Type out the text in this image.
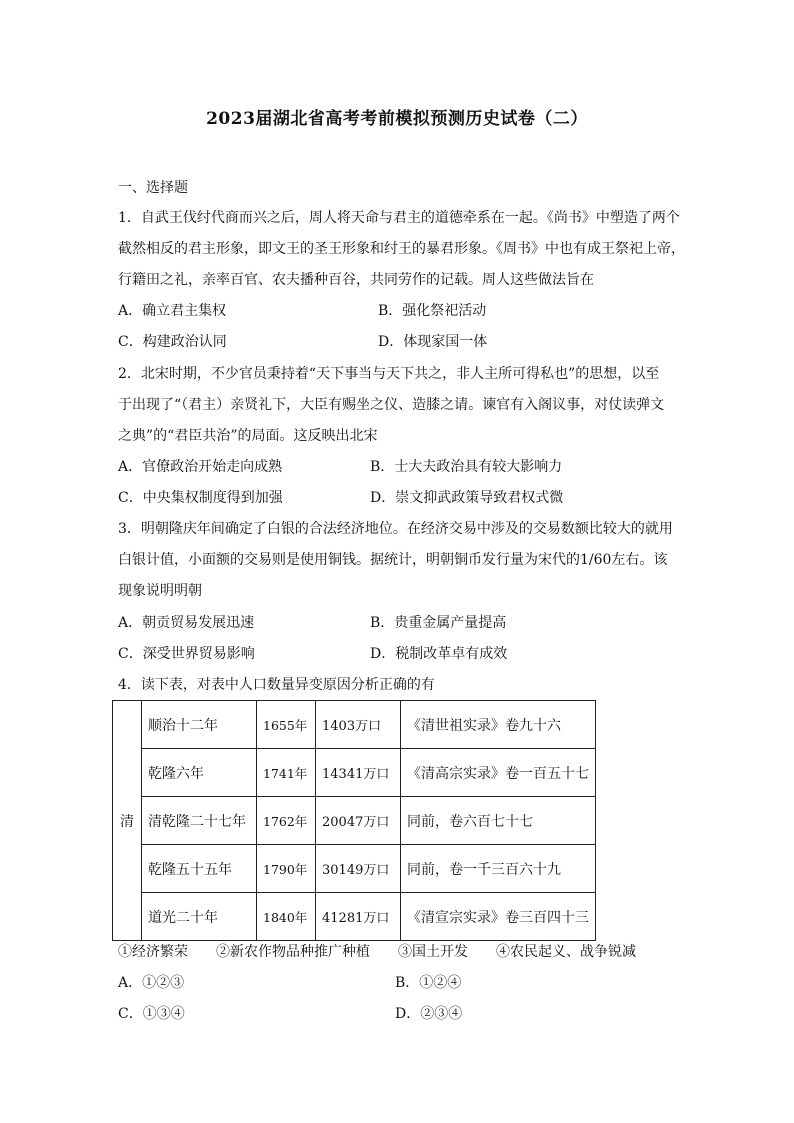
2023届湖北省高考考前模拟预测历史试卷（二）
一、选择题
1．自武王伐纣代商而兴之后，周人将天命与君主的道德牵系在一起。《尚书》中塑造了两个
截然相反的君主形象，即文王的圣王形象和纣王的暴君形象。《周书》中也有成王祭祀上帝，
行籍田之礼，亲率百官、农夫播种百谷，共同劳作的记载。周人这些做法旨在
A．确立君主集权	B．强化祭祀活动
C．构建政治认同	D．体现家国一体
2．北宋时期，不少官员秉持着“天下事当与天下共之，非人主所可得私也”的思想，以至
于出现了“（君主）亲贤礼下，大臣有赐坐之仪、造膝之请。谏官有入阁议事，对仗读弹文
之典”的“君臣共治”的局面。这反映出北宋
A．官僚政治开始走向成熟	B．士大夫政治具有较大影响力
C．中央集权制度得到加强	D．崇文抑武政策导致君权式微
3．明朝隆庆年间确定了白银的合法经济地位。在经济交易中涉及的交易数额比较大的就用
白银计值，小面额的交易则是使用铜钱。据统计，明朝铜币发行量为宋代的1/60左右。该
现象说明明朝
A．朝贡贸易发展迅速	B．贵重金属产量提高
C．深受世界贸易影响	D．税制改革卓有成效
4．读下表，对表中人口数量异变原因分析正确的有
清	顺治十二年	1655年	1403万口	《清世祖实录》卷九十六
	乾隆六年	1741年	14341万口	《清高宗实录》卷一百五十七
	清乾隆二十七年	1762年	20047万口	同前，卷六百七十七
	乾隆五十五年	1790年	30149万口	同前，卷一千三百六十九
	道光二十年	1840年	41281万口	《清宣宗实录》卷三百四十三
①经济繁荣　　②新农作物品种推广种植　　③国土开发　　④农民起义、战争锐减
A．①②③	B．①②④
C．①③④	D．②③④
